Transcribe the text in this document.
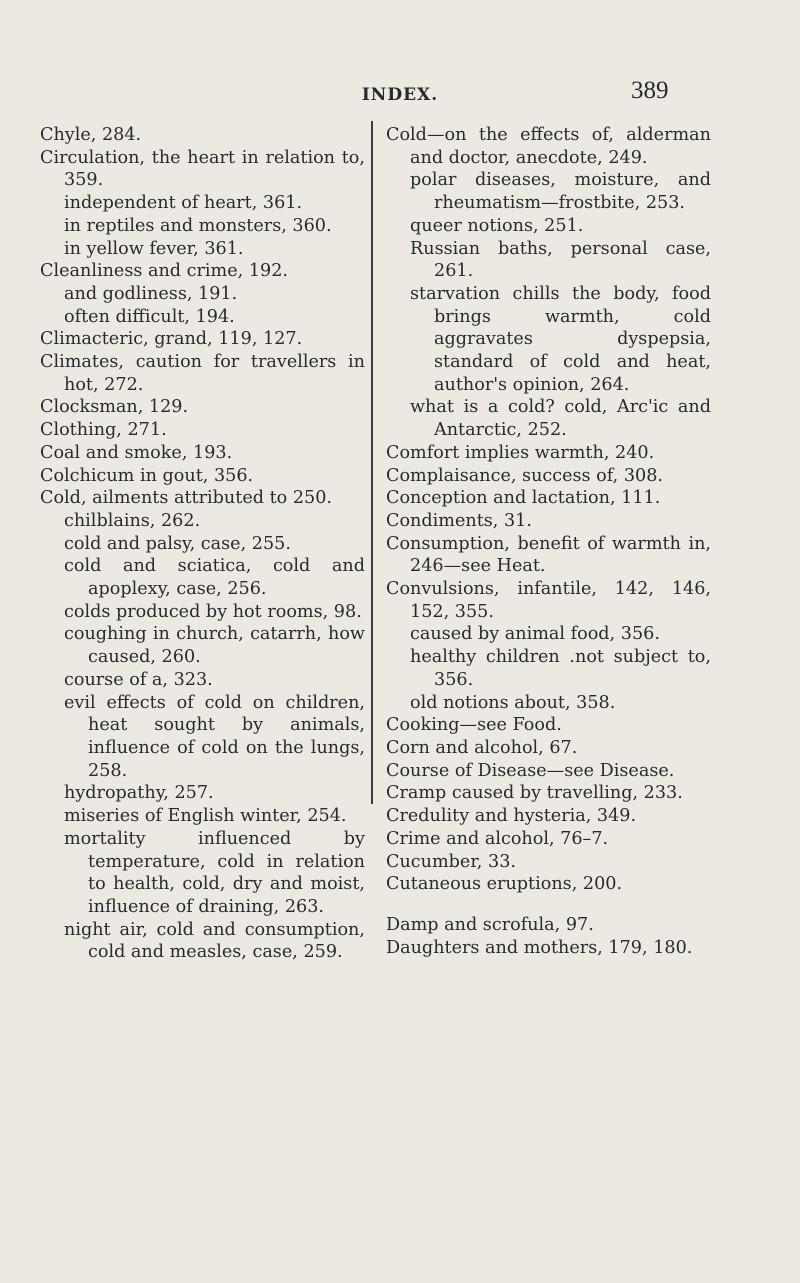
INDEX.	389
Chyle, 284.
Circulation, the heart in relation to, 359.
independent of heart, 361.
in reptiles and monsters, 360.
in yellow fever, 361.
Cleanliness and crime, 192.
and godliness, 191.
often difficult, 194.
Climacteric, grand, 119, 127.
Climates, caution for travellers in hot, 272.
Clocksman, 129.
Clothing, 271.
Coal and smoke, 193.
Colchicum in gout, 356.
Cold, ailments attributed to 250.
chilblains, 262.
cold and palsy, case, 255.
cold and sciatica, cold and apoplexy, case, 256.
colds produced by hot rooms, 98.
coughing in church, catarrh, how caused, 260.
course of a, 323.
evil effects of cold on children, heat sought by animals, influence of cold on the lungs, 258.
hydropathy, 257.
miseries of English winter, 254.
mortality influenced by temperature, cold in relation to health, cold, dry and moist, influence of draining, 263.
night air, cold and consumption, cold and measles, case, 259.
Cold—on the effects of, alderman and doctor, anecdote, 249.
polar diseases, moisture, and rheumatism—frostbite, 253.
queer notions, 251.
Russian baths, personal case, 261.
starvation chills the body, food brings warmth, cold aggravates dyspepsia, standard of cold and heat, author's opinion, 264.
what is a cold? cold, Arc'ic and Antarctic, 252.
Comfort implies warmth, 240.
Complaisance, success of, 308.
Conception and lactation, 111.
Condiments, 31.
Consumption, benefit of warmth in, 246—see Heat.
Convulsions, infantile, 142, 146, 152, 355.
caused by animal food, 356.
healthy children .not subject to, 356.
old notions about, 358.
Cooking—see Food.
Corn and alcohol, 67.
Course of Disease—see Disease.
Cramp caused by travelling, 233.
Credulity and hysteria, 349.
Crime and alcohol, 76–7.
Cucumber, 33.
Cutaneous eruptions, 200.
Damp and scrofula, 97.
Daughters and mothers, 179, 180.
